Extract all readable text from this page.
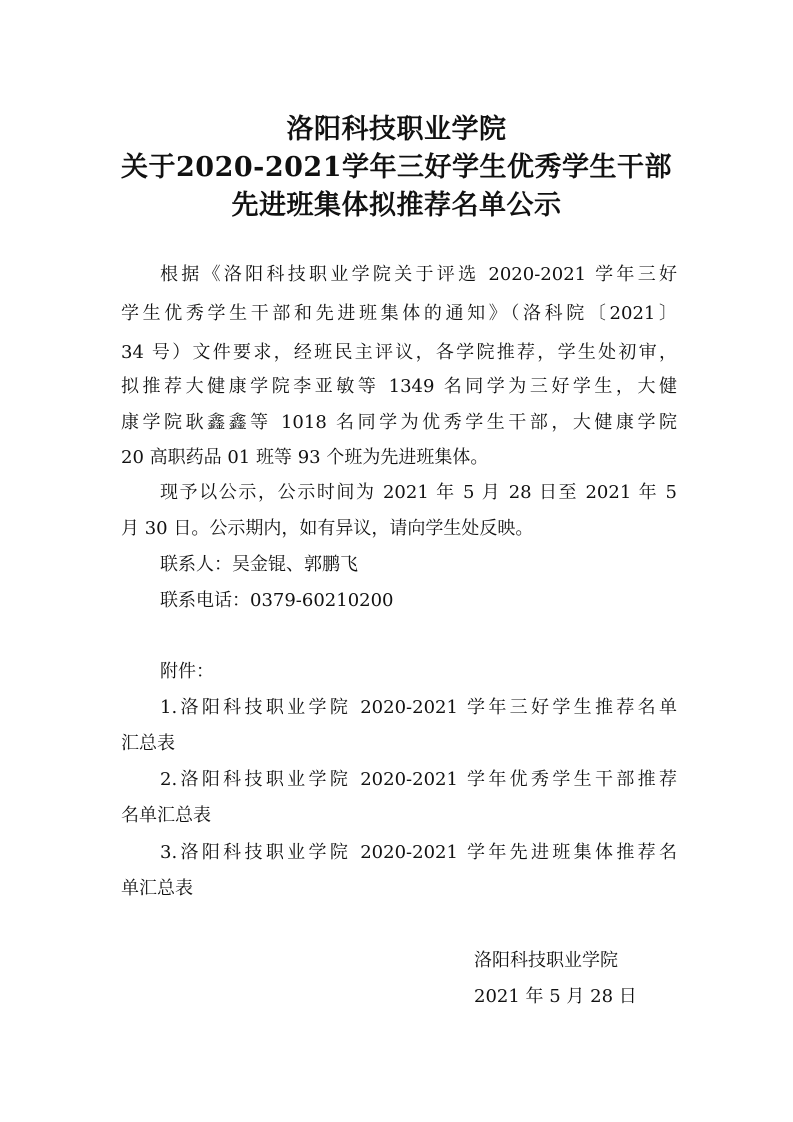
洛阳科技职业学院
关于2020-2021学年三好学生优秀学生干部
先进班集体拟推荐名单公示
根据《洛阳科技职业学院关于评选 2020-2021 学年三好
学生优秀学生干部和先进班集体的通知》（洛科院〔2021〕
34 号）文件要求，经班民主评议，各学院推荐，学生处初审，
拟推荐大健康学院李亚敏等 1349 名同学为三好学生，大健
康学院耿鑫鑫等 1018 名同学为优秀学生干部，大健康学院
20 高职药品 01 班等 93 个班为先进班集体。
现予以公示，公示时间为 2021 年 5 月 28 日至 2021 年 5
月 30 日。公示期内，如有异议，请向学生处反映。
联系人：吴金锟、郭鹏飞
联系电话：0379-60210200
附件：
1.洛阳科技职业学院 2020-2021 学年三好学生推荐名单
汇总表
2.洛阳科技职业学院 2020-2021 学年优秀学生干部推荐
名单汇总表
3.洛阳科技职业学院 2020-2021 学年先进班集体推荐名
单汇总表
洛阳科技职业学院
2021 年 5 月 28 日
